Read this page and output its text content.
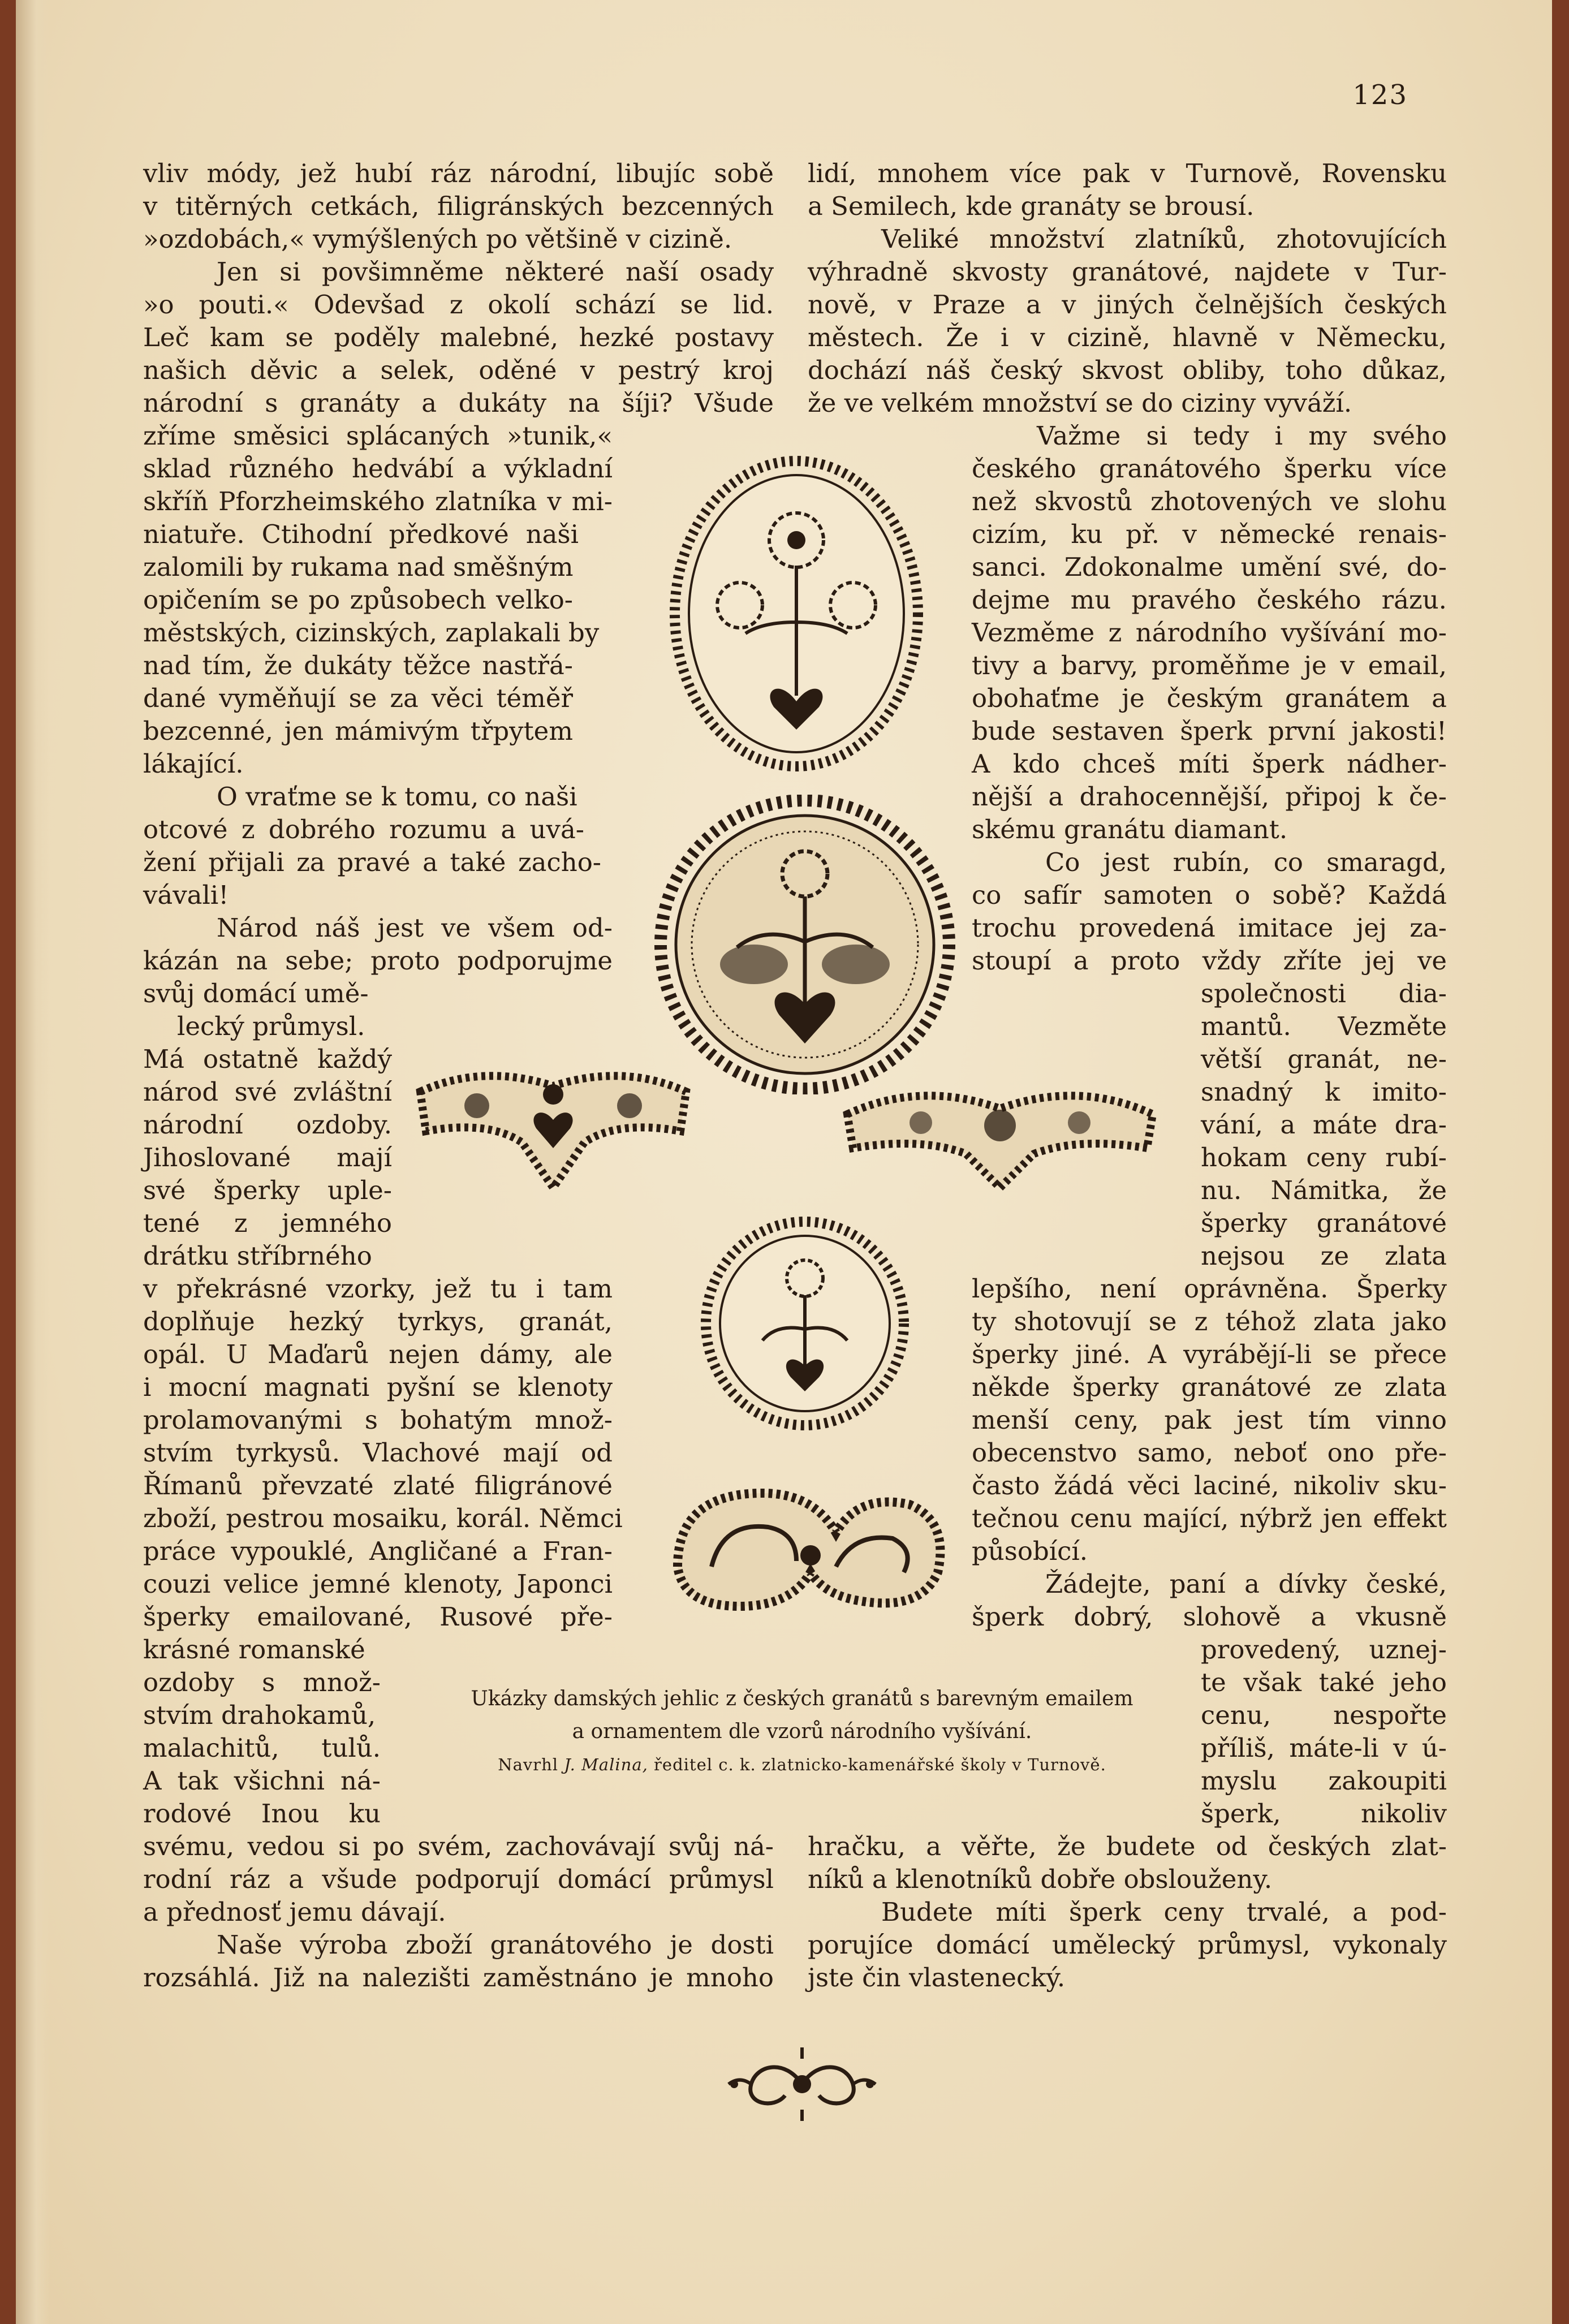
123
vliv módy, jež hubí ráz národní, libujíc sobě
v titěrných cetkách, filigránských bezcenných
»ozdobách,« vymýšlených po většině v cizině.
Jen si povšimněme některé naší osady
»o pouti.« Odevšad z okolí schází se lid.
Leč kam se poděly malebné, hezké postavy
našich děvic a selek, oděné v pestrý kroj
národní s granáty a dukáty na šíji? Všude
zříme směsici splácaných »tunik,«
sklad různého hedvábí a výkladní
skříň Pforzheimského zlatníka v mi-
niatuře. Ctihodní předkové naši
zalomili by rukama nad směšným
opičením se po způsobech velko-
městských, cizinských, zaplakali by
nad tím, že dukáty těžce nastřá-
dané vyměňují se za věci téměř
bezcenné, jen mámivým třpytem
lákající.
O vraťme se k tomu, co naši
otcové z dobrého rozumu a uvá-
žení přijali za pravé a také zacho-
vávali!
Národ náš jest ve všem od-
kázán na sebe; proto podporujme
svůj domácí umě-
lecký průmysl.
Má ostatně každý
národ své zvláštní
národní ozdoby.
Jihoslované mají
své šperky uple-
tené z jemného
drátku stříbrného
v překrásné vzorky, jež tu i tam
doplňuje hezký tyrkys, granát,
opál. U Maďarů nejen dámy, ale
i mocní magnati pyšní se klenoty
prolamovanými s bohatým množ-
stvím tyrkysů. Vlachové mají od
Římanů převzaté zlaté filigránové
zboží, pestrou mosaiku, korál. Němci
práce vypouklé, Angličané a Fran-
couzi velice jemné klenoty, Japonci
šperky emailované, Rusové pře-
krásné romanské
ozdoby s množ-
stvím drahokamů,
malachitů, tulů.
A tak všichni ná-
rodové Inou ku
svému, vedou si po svém, zachovávají svůj ná-
rodní ráz a všude podporují domácí průmysl
a přednosť jemu dávají.
Naše výroba zboží granátového je dosti
rozsáhlá. Již na nalezišti zaměstnáno je mnoho
lidí, mnohem více pak v Turnově, Rovensku
a Semilech, kde granáty se brousí.
Veliké množství zlatníků, zhotovujících
výhradně skvosty granátové, najdete v Tur-
nově, v Praze a v jiných čelnějších českých
městech. Že i v cizině, hlavně v Německu,
dochází náš český skvost obliby, toho důkaz,
že ve velkém množství se do ciziny vyváží.
Važme si tedy i my svého
českého granátového šperku více
než skvostů zhotovených ve slohu
cizím, ku př. v německé renais-
sanci. Zdokonalme umění své, do-
dejme mu pravého českého rázu.
Vezměme z národního vyšívání mo-
tivy a barvy, proměňme je v email,
obohaťme je českým granátem a
bude sestaven šperk první jakosti!
A kdo chceš míti šperk nádher-
nější a drahocennější, připoj k če-
skému granátu diamant.
Co jest rubín, co smaragd,
co safír samoten o sobě? Každá
trochu provedená imitace jej za-
stoupí a proto vždy zříte jej ve
společnosti dia-
mantů. Vezměte
větší granát, ne-
snadný k imito-
vání, a máte dra-
hokam ceny rubí-
nu. Námitka, že
šperky granátové
nejsou ze zlata
lepšího, není oprávněna. Šperky
ty shotovují se z téhož zlata jako
šperky jiné. A vyrábějí-li se přece
někde šperky granátové ze zlata
menší ceny, pak jest tím vinno
obecenstvo samo, neboť ono pře-
často žádá věci laciné, nikoliv sku-
tečnou cenu mající, nýbrž jen effekt
působící.
Žádejte, paní a dívky české,
šperk dobrý, slohově a vkusně
provedený, uznej-
te však také jeho
cenu, nespořte
příliš, máte-li v ú-
myslu zakoupiti
šperk, nikoliv
hračku, a věřte, že budete od českých zlat-
níků a klenotníků dobře obslouženy.
Budete míti šperk ceny trvalé, a pod-
porujíce domácí umělecký průmysl, vykonaly
jste čin vlastenecký.
Ukázky damských jehlic z českých granátů s barevným emailem
a ornamentem dle vzorů národního vyšívání.
Navrhl J. Malina, ředitel c. k. zlatnicko-kamenářské školy v Turnově.
